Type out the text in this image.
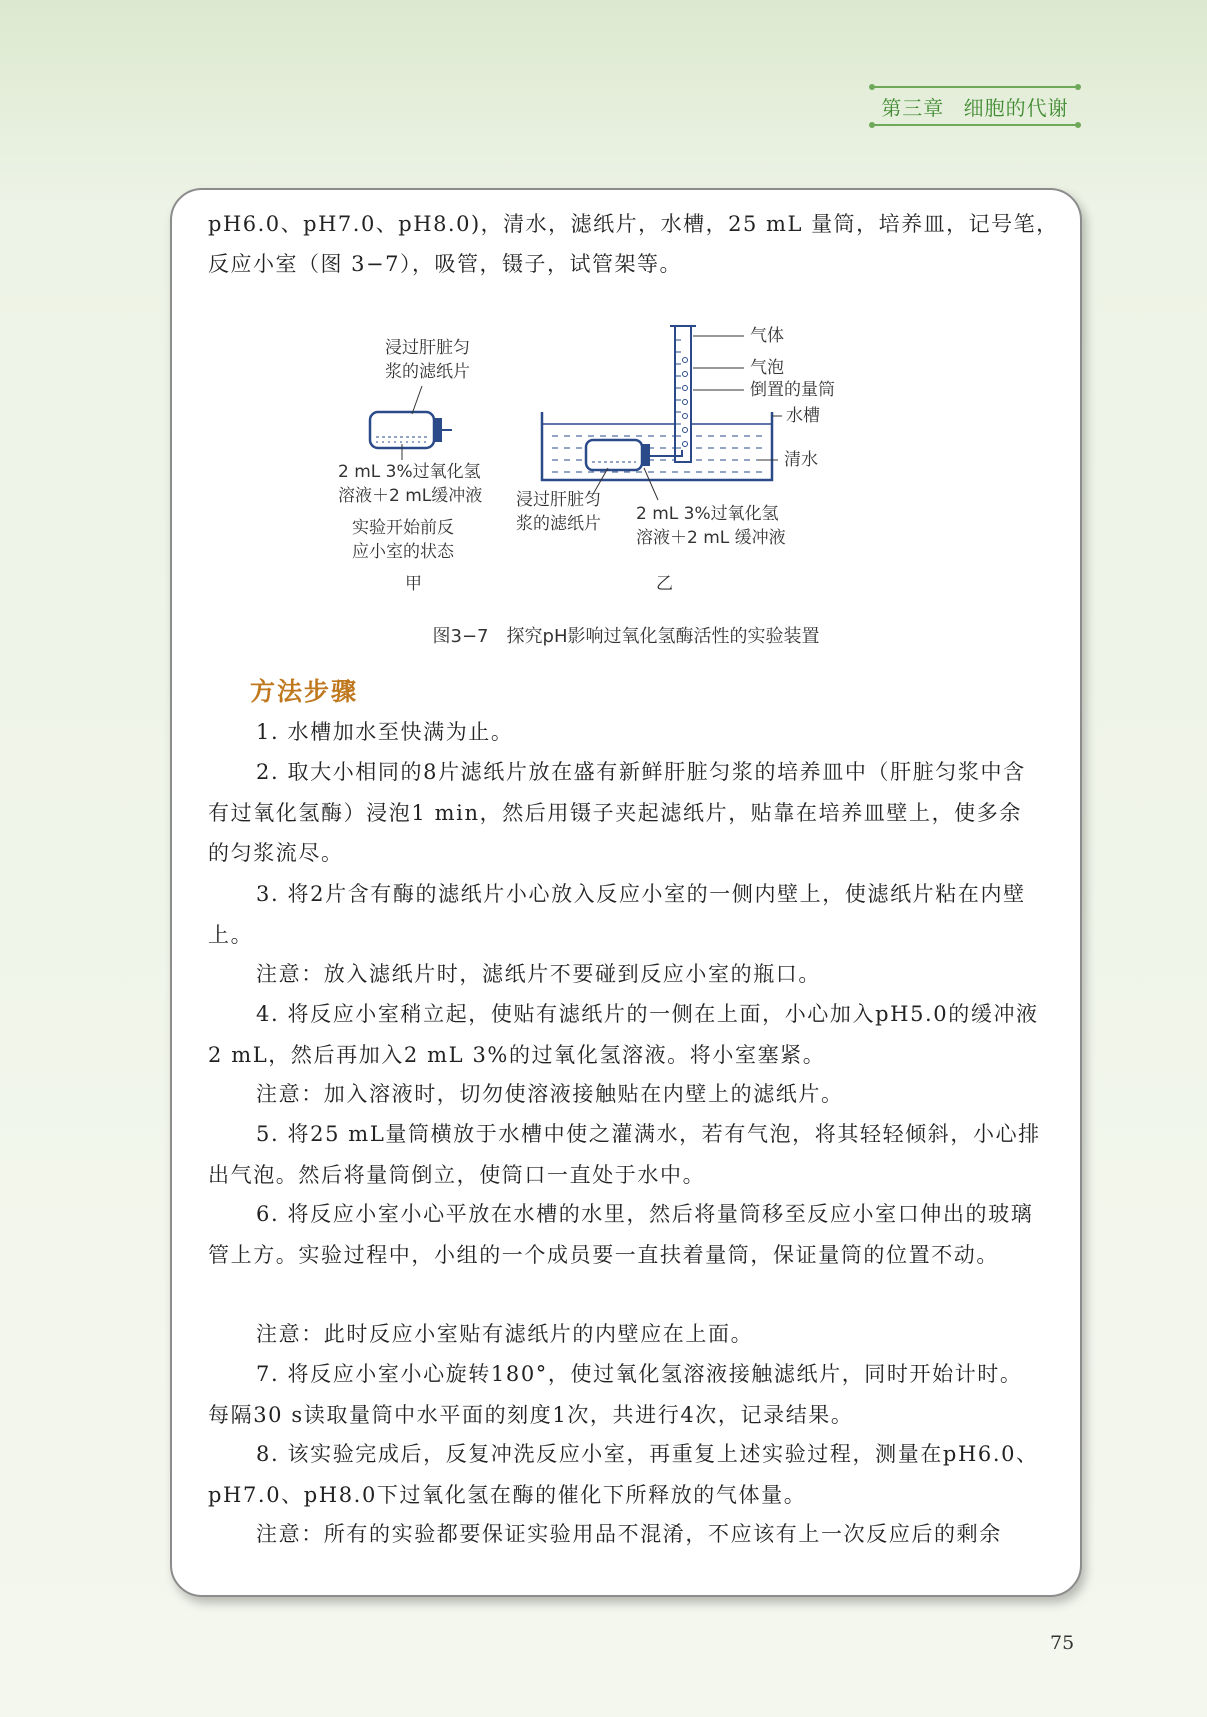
第三章 细胞的代谢
pH6.0、pH7.0、pH8.0)，清水，滤纸片，水槽，25 mL 量筒，培养皿，记号笔，
反应小室（图 3−7），吸管，镊子，试管架等。
浸过肝脏匀
浆的滤纸片
2 mL 3%过氧化氢
溶液＋2 mL缓冲液
实验开始前反
应小室的状态
甲
气体
气泡
倒置的量筒
水槽
清水
浸过肝脏匀
浆的滤纸片 2 mL 3%过氧化氢
溶液＋2 mL 缓冲液
乙
图3−7 探究pH影响过氧化氢酶活性的实验装置
方法步骤
1. 水槽加水至快满为止。
2. 取大小相同的8片滤纸片放在盛有新鲜肝脏匀浆的培养皿中（肝脏匀浆中含有过氧化氢酶）浸泡1 min，然后用镊子夹起滤纸片，贴靠在培养皿壁上，使多余的匀浆流尽。
3. 将2片含有酶的滤纸片小心放入反应小室的一侧内壁上，使滤纸片粘在内壁上。
注意：放入滤纸片时，滤纸片不要碰到反应小室的瓶口。
4. 将反应小室稍立起，使贴有滤纸片的一侧在上面，小心加入pH5.0的缓冲液2 mL，然后再加入2 mL 3%的过氧化氢溶液。将小室塞紧。
注意：加入溶液时，切勿使溶液接触贴在内壁上的滤纸片。
5. 将25 mL量筒横放于水槽中使之灌满水，若有气泡，将其轻轻倾斜，小心排出气泡。然后将量筒倒立，使筒口一直处于水中。
6. 将反应小室小心平放在水槽的水里，然后将量筒移至反应小室口伸出的玻璃管上方。实验过程中，小组的一个成员要一直扶着量筒，保证量筒的位置不动。
注意：此时反应小室贴有滤纸片的内壁应在上面。
7. 将反应小室小心旋转180°，使过氧化氢溶液接触滤纸片，同时开始计时。每隔30 s读取量筒中水平面的刻度1次，共进行4次，记录结果。
8. 该实验完成后，反复冲洗反应小室，再重复上述实验过程，测量在pH6.0、pH7.0、pH8.0下过氧化氢在酶的催化下所释放的气体量。
注意：所有的实验都要保证实验用品不混淆，不应该有上一次反应后的剩余
75
